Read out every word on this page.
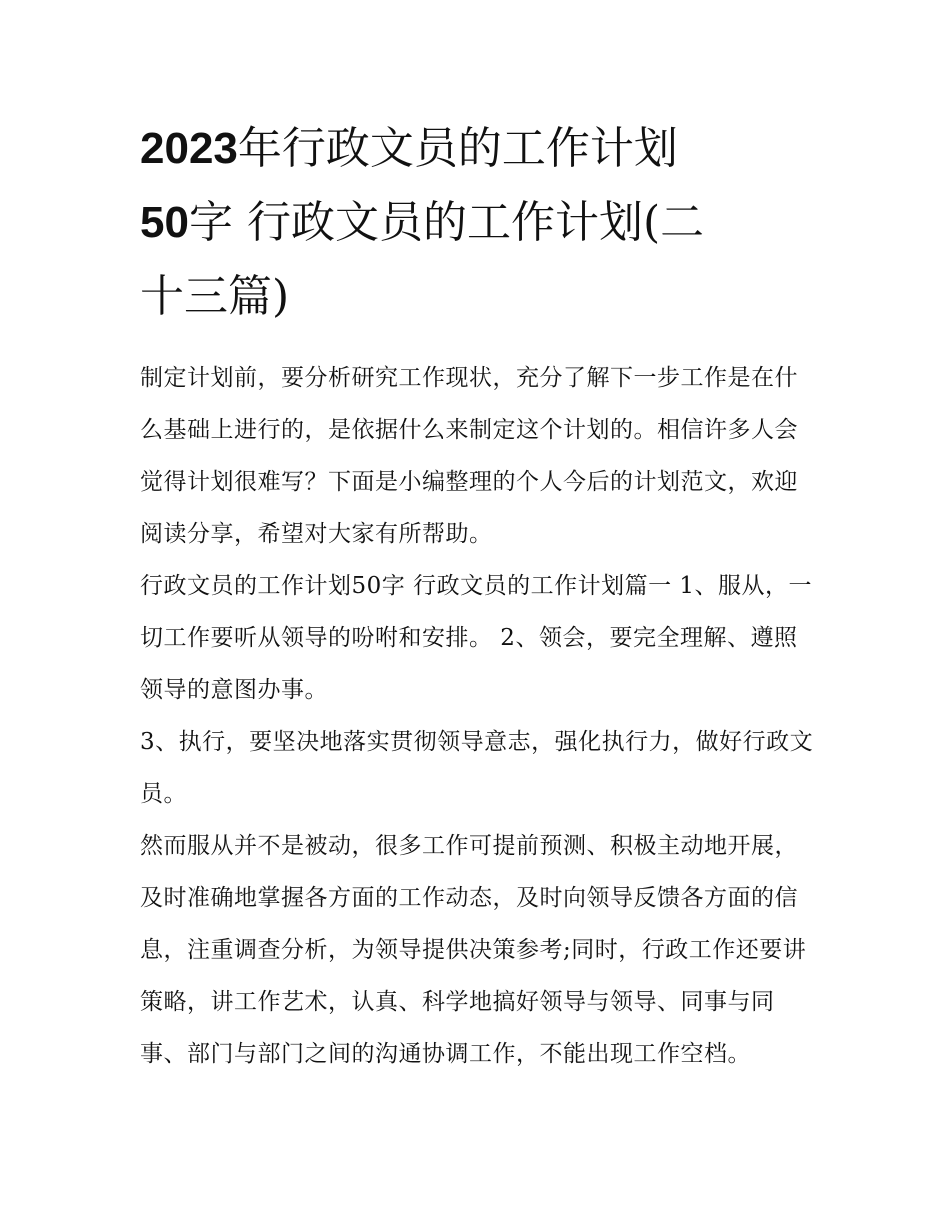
2023年行政文员的工作计划
50字 行政文员的工作计划(二
十三篇)

制定计划前，要分析研究工作现状，充分了解下一步工作是在什么基础上进行的，是依据什么来制定这个计划的。相信许多人会觉得计划很难写？下面是小编整理的个人今后的计划范文，欢迎阅读分享，希望对大家有所帮助。

行政文员的工作计划50字 行政文员的工作计划篇一 1、服从，一切工作要听从领导的吩咐和安排。 2、领会，要完全理解、遵照领导的意图办事。

3、执行，要坚决地落实贯彻领导意志，强化执行力，做好行政文员。

然而服从并不是被动，很多工作可提前预测、积极主动地开展，及时准确地掌握各方面的工作动态，及时向领导反馈各方面的信息，注重调查分析，为领导提供决策参考;同时，行政工作还要讲策略，讲工作艺术，认真、科学地搞好领导与领导、同事与同事、部门与部门之间的沟通协调工作，不能出现工作空档。
